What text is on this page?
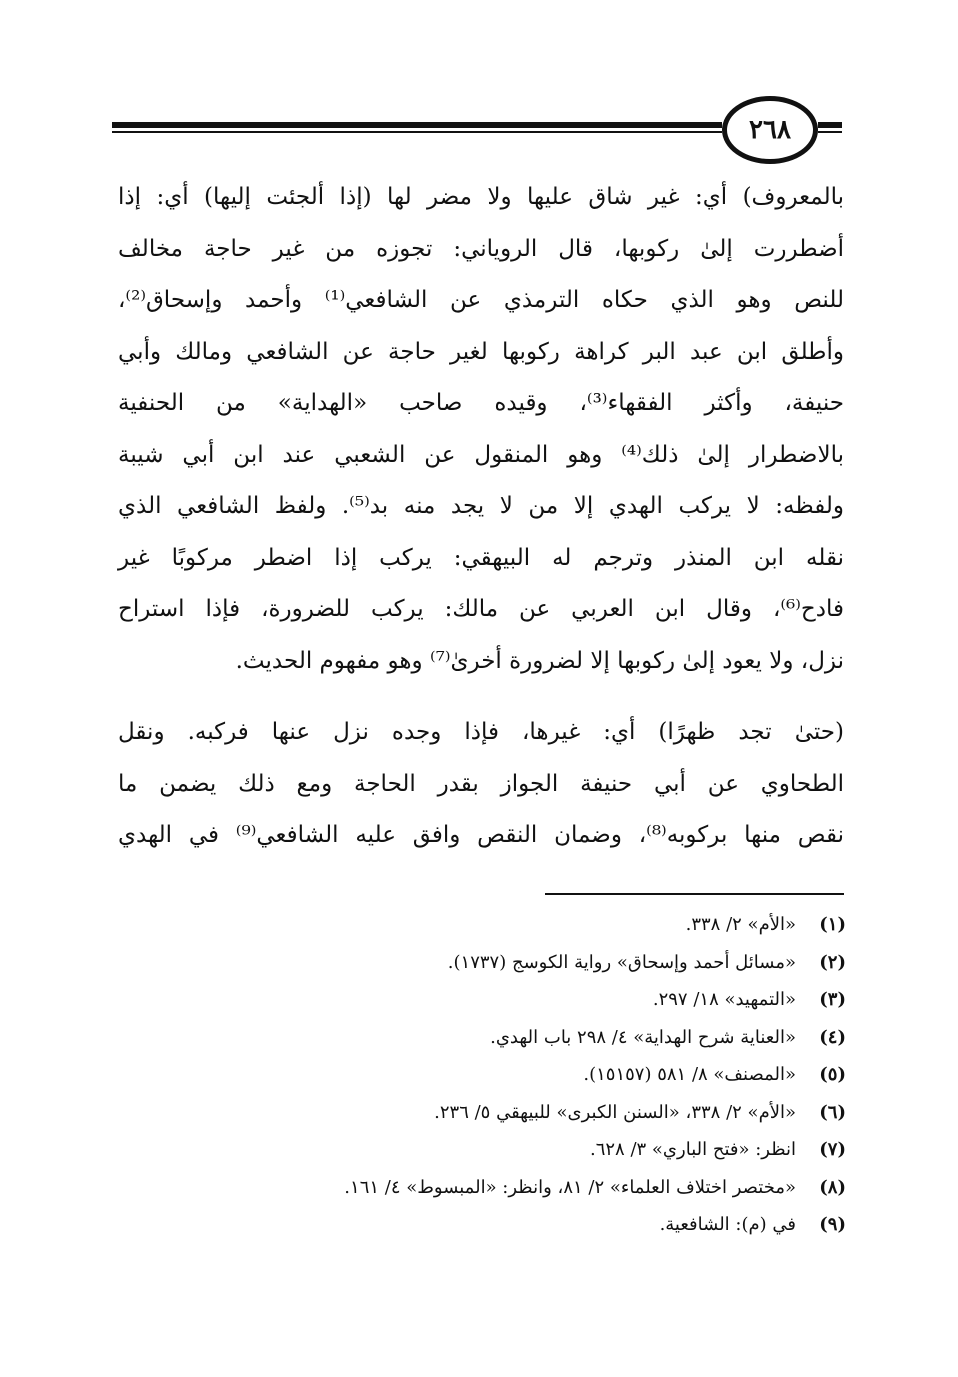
٢٦٨

بالمعروف) أي: غير شاق عليها ولا مضر لها (إذا ألجئت إليها) أي: إذا
أضطررت إلىٰ ركوبها، قال الروياني: تجوزه من غير حاجة مخالف
للنص وهو الذي حكاه الترمذي عن الشافعي⁽¹⁾ وأحمد وإسحاق⁽²⁾،
وأطلق ابن عبد البر كراهة ركوبها لغير حاجة عن الشافعي ومالك وأبي
حنيفة، وأكثر الفقهاء⁽³⁾، وقيده صاحب «الهداية» من الحنفية
بالاضطرار إلىٰ ذلك⁽⁴⁾ وهو المنقول عن الشعبي عند ابن أبي شيبة
ولفظه: لا يركب الهدي إلا من لا يجد منه بد⁽⁵⁾. ولفظ الشافعي الذي
نقله ابن المنذر وترجم له البيهقي: يركب إذا اضطر مركوبًا غير
فادح⁽⁶⁾، وقال ابن العربي عن مالك: يركب للضرورة، فإذا استراح
نزل، ولا يعود إلىٰ ركوبها إلا لضرورة أخرىٰ⁽⁷⁾ وهو مفهوم الحديث.

(حتىٰ تجد ظهرًا) أي: غيرها، فإذا وجده نزل عنها فركبه. ونقل
الطحاوي عن أبي حنيفة الجواز بقدر الحاجة ومع ذلك يضمن ما
نقص منها بركوبه⁽⁸⁾، وضمان النقص وافق عليه الشافعي⁽⁹⁾ في الهدي

(١)
«الأم» ٢/ ٣٣٨.
(٢)
«مسائل أحمد وإسحاق» رواية الكوسج (١٧٣٧).
(٣)
«التمهيد» ١٨/ ٢٩٧.
(٤)
«العناية شرح الهداية» ٤/ ٢٩٨ باب الهدي.
(٥)
«المصنف» ٨/ ٥٨١ (١٥١٥٧).
(٦)
«الأم» ٢/ ٣٣٨، «السنن الكبرى» للبيهقي ٥/ ٢٣٦.
(٧)
انظر: «فتح الباري» ٣/ ٦٢٨.
(٨)
«مختصر اختلاف العلماء» ٢/ ٨١، وانظر: «المبسوط» ٤/ ١٦١.
(٩)
في (م): الشافعية.
